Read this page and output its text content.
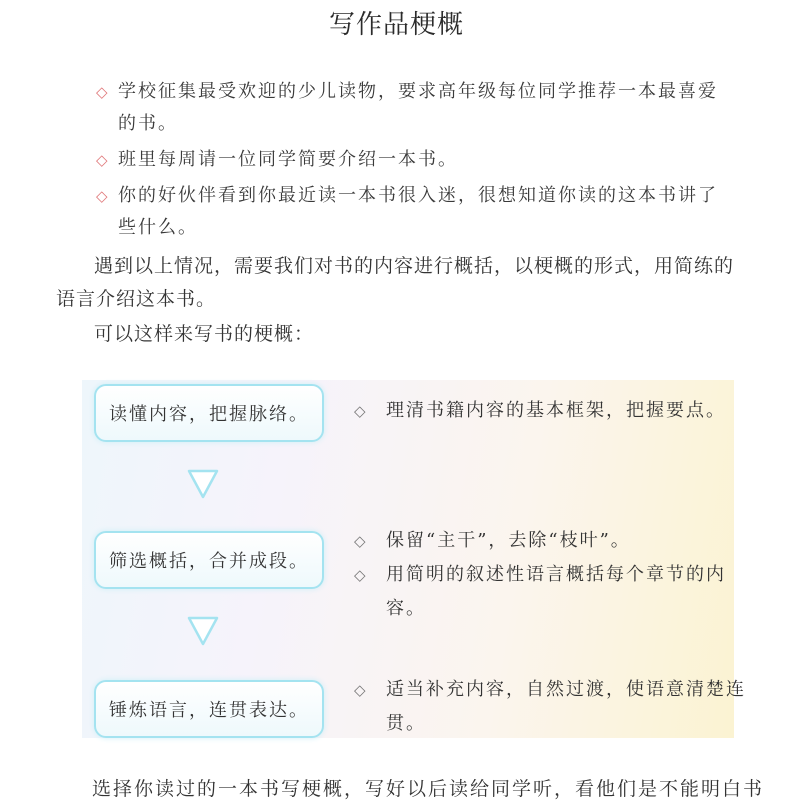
写作品梗概
◇ 学校征集最受欢迎的少儿读物，要求高年级每位同学推荐一本最喜爱的书。
◇ 班里每周请一位同学简要介绍一本书。
◇ 你的好伙伴看到你最近读一本书很入迷，很想知道你读的这本书讲了些什么。
遇到以上情况，需要我们对书的内容进行概括，以梗概的形式，用简练的语言介绍这本书。
可以这样来写书的梗概：
读懂内容，把握脉络。
筛选概括，合并成段。
锤炼语言，连贯表达。
◇ 理清书籍内容的基本框架，把握要点。
◇ 保留“主干”，去除“枝叶”。
◇ 用简明的叙述性语言概括每个章节的内容。
◇ 适当补充内容，自然过渡，使语意清楚连贯。
选择你读过的一本书写梗概，写好以后读给同学听，看他们是不能明白书
